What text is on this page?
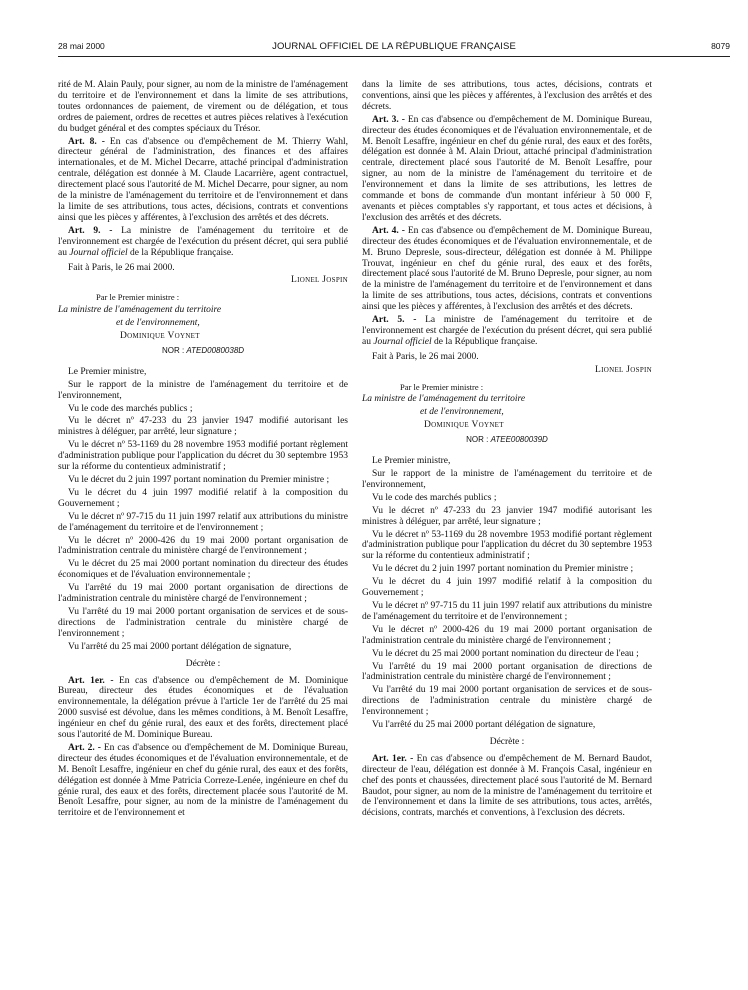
28 mai 2000	JOURNAL OFFICIEL DE LA RÉPUBLIQUE FRANÇAISE	8079

rité de M. Alain Pauly, pour signer, au nom de la ministre de l'aménagement du territoire et de l'environnement et dans la limite de ses attributions, toutes ordonnances de paiement, de virement ou de délégation, et tous ordres de paiement, ordres de recettes et autres pièces relatives à l'exécution du budget général et des comptes spéciaux du Trésor.

Art. 8. - En cas d'absence ou d'empêchement de M. Thierry Wahl, directeur général de l'administration, des finances et des affaires internationales, et de M. Michel Decarre, attaché principal d'administration centrale, délégation est donnée à M. Claude Lacarrière, agent contractuel, directement placé sous l'autorité de M. Michel Decarre, pour signer, au nom de la ministre de l'aménagement du territoire et de l'environnement et dans la limite de ses attributions, tous actes, décisions, contrats et conventions ainsi que les pièces y afférentes, à l'exclusion des arrêtés et des décrets.

Art. 9. - La ministre de l'aménagement du territoire et de l'environnement est chargée de l'exécution du présent décret, qui sera publié au Journal officiel de la République française.

Fait à Paris, le 26 mai 2000.

Lionel Jospin

Par le Premier ministre :

La ministre de l'aménagement du territoire

et de l'environnement,

Dominique Voynet

NOR : ATED0080038D

Le Premier ministre,

Sur le rapport de la ministre de l'aménagement du territoire et de l'environnement,

Vu le code des marchés publics ;

Vu le décret nº 47-233 du 23 janvier 1947 modifié autorisant les ministres à déléguer, par arrêté, leur signature ;

Vu le décret nº 53-1169 du 28 novembre 1953 modifié portant règlement d'administration publique pour l'application du décret du 30 septembre 1953 sur la réforme du contentieux administratif ;

Vu le décret du 2 juin 1997 portant nomination du Premier ministre ;

Vu le décret du 4 juin 1997 modifié relatif à la composition du Gouvernement ;

Vu le décret nº 97-715 du 11 juin 1997 relatif aux attributions du ministre de l'aménagement du territoire et de l'environnement ;

Vu le décret nº 2000-426 du 19 mai 2000 portant organisation de l'administration centrale du ministère chargé de l'environnement ;

Vu le décret du 25 mai 2000 portant nomination du directeur des études économiques et de l'évaluation environnementale ;

Vu l'arrêté du 19 mai 2000 portant organisation de directions de l'administration centrale du ministère chargé de l'environnement ;

Vu l'arrêté du 19 mai 2000 portant organisation de services et de sous-directions de l'administration centrale du ministère chargé de l'environnement ;

Vu l'arrêté du 25 mai 2000 portant délégation de signature,

Décrète :

Art. 1er. - En cas d'absence ou d'empêchement de M. Dominique Bureau, directeur des études économiques et de l'évaluation environnementale, la délégation prévue à l'article 1er de l'arrêté du 25 mai 2000 susvisé est dévolue, dans les mêmes conditions, à M. Benoît Lesaffre, ingénieur en chef du génie rural, des eaux et des forêts, directement placé sous l'autorité de M. Dominique Bureau.

Art. 2. - En cas d'absence ou d'empêchement de M. Dominique Bureau, directeur des études économiques et de l'évaluation environnementale, et de M. Benoît Lesaffre, ingénieur en chef du génie rural, des eaux et des forêts, délégation est donnée à Mme Patricia Correze-Lenée, ingénieure en chef du génie rural, des eaux et des forêts, directement placée sous l'autorité de M. Benoît Lesaffre, pour signer, au nom de la ministre de l'aménagement du territoire et de l'environnement et

dans la limite de ses attributions, tous actes, décisions, contrats et conventions, ainsi que les pièces y afférentes, à l'exclusion des arrêtés et des décrets.

Art. 3. - En cas d'absence ou d'empêchement de M. Dominique Bureau, directeur des études économiques et de l'évaluation environnementale, et de M. Benoît Lesaffre, ingénieur en chef du génie rural, des eaux et des forêts, délégation est donnée à M. Alain Driout, attaché principal d'administration centrale, directement placé sous l'autorité de M. Benoît Lesaffre, pour signer, au nom de la ministre de l'aménagement du territoire et de l'environnement et dans la limite de ses attributions, les lettres de commande et bons de commande d'un montant inférieur à 50 000 F, avenants et pièces comptables s'y rapportant, et tous actes et décisions, à l'exclusion des arrêtés et des décrets.

Art. 4. - En cas d'absence ou d'empêchement de M. Dominique Bureau, directeur des études économiques et de l'évaluation environnementale, et de M. Bruno Depresle, sous-directeur, délégation est donnée à M. Philippe Trouvat, ingénieur en chef du génie rural, des eaux et des forêts, directement placé sous l'autorité de M. Bruno Depresle, pour signer, au nom de la ministre de l'aménagement du territoire et de l'environnement et dans la limite de ses attributions, tous actes, décisions, contrats et conventions ainsi que les pièces y afférentes, à l'exclusion des arrêtés et des décrets.

Art. 5. - La ministre de l'aménagement du territoire et de l'environnement est chargée de l'exécution du présent décret, qui sera publié au Journal officiel de la République française.

Fait à Paris, le 26 mai 2000.

Lionel Jospin

Par le Premier ministre :

La ministre de l'aménagement du territoire

et de l'environnement,

Dominique Voynet

NOR : ATEE0080039D

Le Premier ministre,

Sur le rapport de la ministre de l'aménagement du territoire et de l'environnement,

Vu le code des marchés publics ;

Vu le décret nº 47-233 du 23 janvier 1947 modifié autorisant les ministres à déléguer, par arrêté, leur signature ;

Vu le décret nº 53-1169 du 28 novembre 1953 modifié portant règlement d'administration publique pour l'application du décret du 30 septembre 1953 sur la réforme du contentieux administratif ;

Vu le décret du 2 juin 1997 portant nomination du Premier ministre ;

Vu le décret du 4 juin 1997 modifié relatif à la composition du Gouvernement ;

Vu le décret nº 97-715 du 11 juin 1997 relatif aux attributions du ministre de l'aménagement du territoire et de l'environnement ;

Vu le décret nº 2000-426 du 19 mai 2000 portant organisation de l'administration centrale du ministère chargé de l'environnement ;

Vu le décret du 25 mai 2000 portant nomination du directeur de l'eau ;

Vu l'arrêté du 19 mai 2000 portant organisation de directions de l'administration centrale du ministère chargé de l'environnement ;

Vu l'arrêté du 19 mai 2000 portant organisation de services et de sous-directions de l'administration centrale du ministère chargé de l'environnement ;

Vu l'arrêté du 25 mai 2000 portant délégation de signature,

Décrète :

Art. 1er. - En cas d'absence ou d'empêchement de M. Bernard Baudot, directeur de l'eau, délégation est donnée à M. François Casal, ingénieur en chef des ponts et chaussées, directement placé sous l'autorité de M. Bernard Baudot, pour signer, au nom de la ministre de l'aménagement du territoire et de l'environnement et dans la limite de ses attributions, tous actes, arrêtés, décisions, contrats, marchés et conventions, à l'exclusion des décrets.
